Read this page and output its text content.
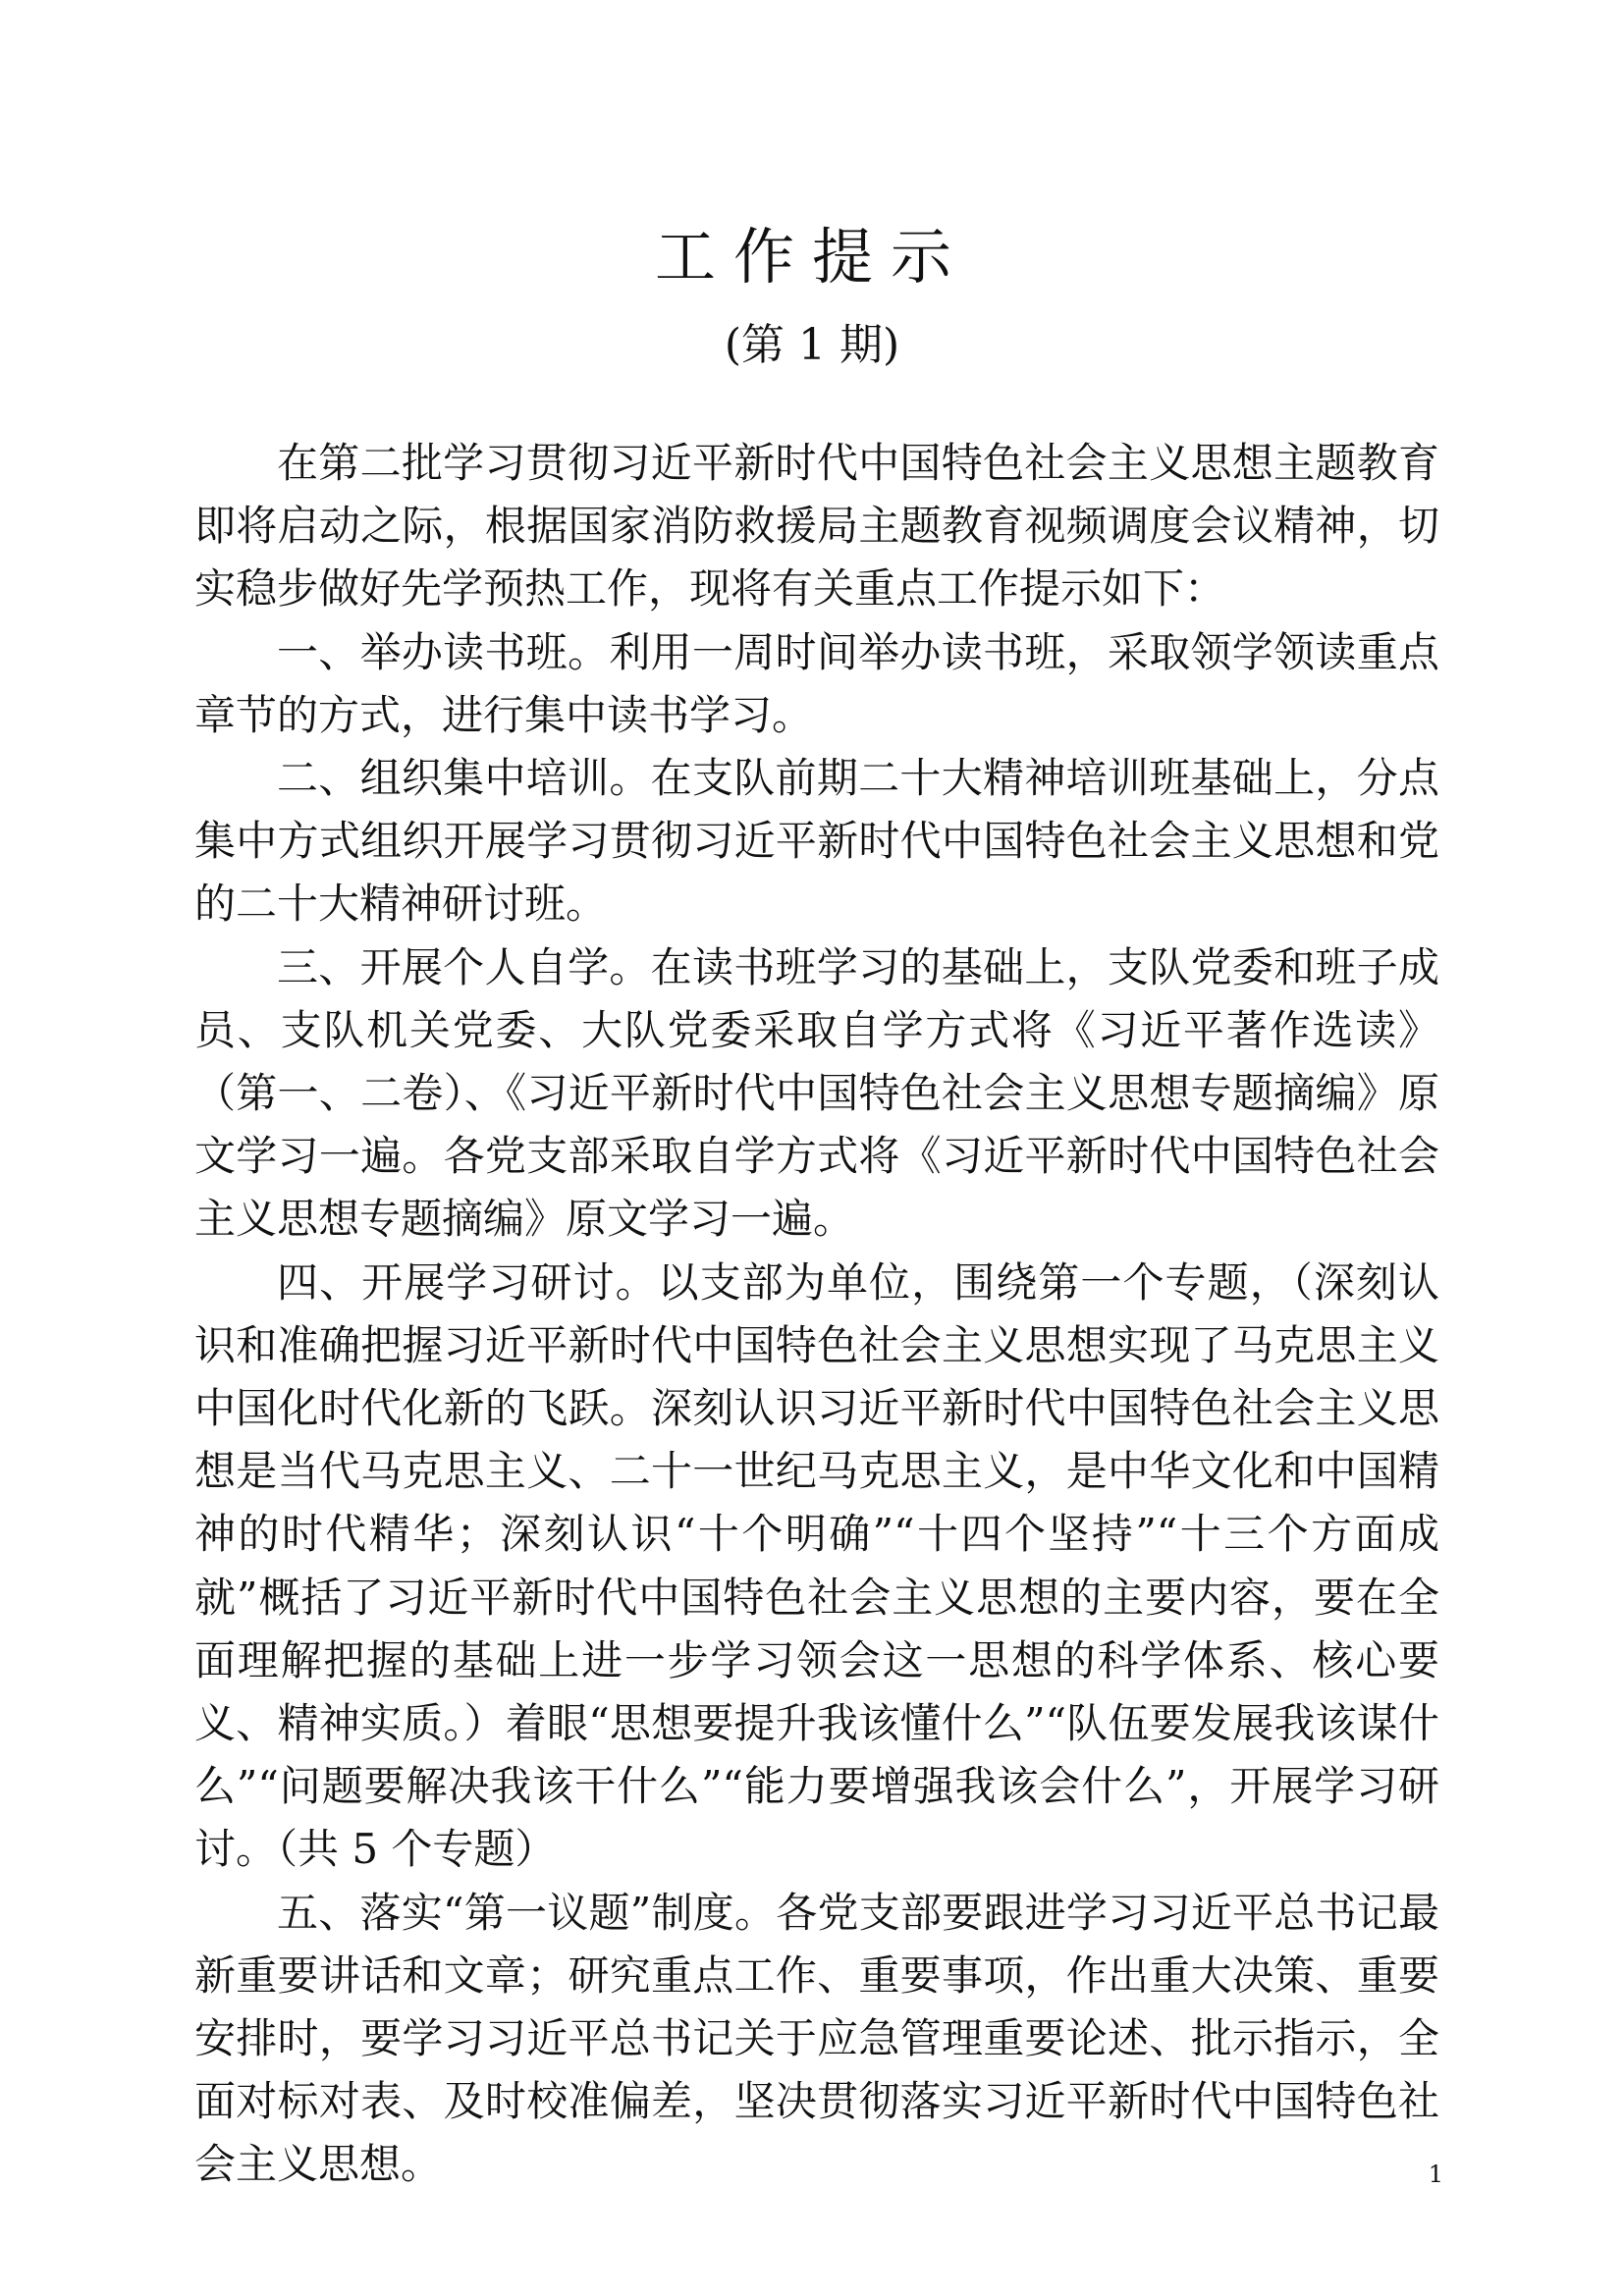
工作提示
(第 1 期)

在第二批学习贯彻习近平新时代中国特色社会主义思想主题教育即将启动之际，根据国家消防救援局主题教育视频调度会议精神，切实稳步做好先学预热工作，现将有关重点工作提示如下：

一、举办读书班。利用一周时间举办读书班，采取领学领读重点章节的方式，进行集中读书学习。

二、组织集中培训。在支队前期二十大精神培训班基础上，分点集中方式组织开展学习贯彻习近平新时代中国特色社会主义思想和党的二十大精神研讨班。

三、开展个人自学。在读书班学习的基础上，支队党委和班子成员、支队机关党委、大队党委采取自学方式将《习近平著作选读》（第一、二卷）、《习近平新时代中国特色社会主义思想专题摘编》原文学习一遍。各党支部采取自学方式将《习近平新时代中国特色社会主义思想专题摘编》原文学习一遍。

四、开展学习研讨。以支部为单位，围绕第一个专题，（深刻认识和准确把握习近平新时代中国特色社会主义思想实现了马克思主义中国化时代化新的飞跃。深刻认识习近平新时代中国特色社会主义思想是当代马克思主义、二十一世纪马克思主义，是中华文化和中国精神的时代精华；深刻认识“十个明确”“十四个坚持”“十三个方面成就”概括了习近平新时代中国特色社会主义思想的主要内容，要在全面理解把握的基础上进一步学习领会这一思想的科学体系、核心要义、精神实质。）着眼“思想要提升我该懂什么”“队伍要发展我该谋什么”“问题要解决我该干什么”“能力要增强我该会什么”，开展学习研讨。（共 5 个专题）

五、落实“第一议题”制度。各党支部要跟进学习习近平总书记最新重要讲话和文章；研究重点工作、重要事项，作出重大决策、重要安排时，要学习习近平总书记关于应急管理重要论述、批示指示，全面对标对表、及时校准偏差，坚决贯彻落实习近平新时代中国特色社会主义思想。	1
